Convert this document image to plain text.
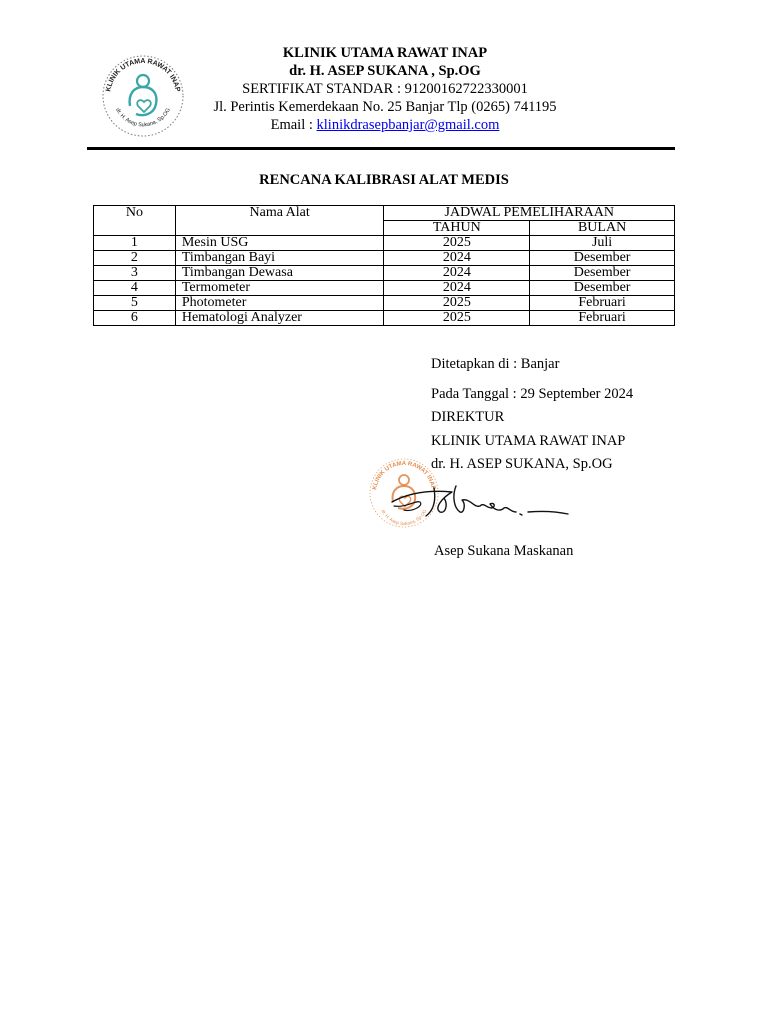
KLINIK UTAMA RAWAT INAP
dr. H. Asep Sukana, Sp.OG
KLINIK UTAMA RAWAT INAP
dr. H. ASEP SUKANA , Sp.OG
SERTIFIKAT STANDAR : 91200162722330001
Jl. Perintis Kemerdekaan No. 25 Banjar Tlp (0265) 741195
Email : klinikdrasepbanjar@gmail.com
RENCANA KALIBRASI ALAT MEDIS
No	Nama Alat	JADWAL PEMELIHARAAN	
		TAHUN	BULAN
1	Mesin USG	2025	Juli
2	Timbangan Bayi	2024	Desember
3	Timbangan Dewasa	2024	Desember
4	Termometer	2024	Desember
5	Photometer	2025	Februari
6	Hematologi Analyzer	2025	Februari
Ditetapkan di : Banjar
Pada Tanggal : 29 September 2024
DIREKTUR
KLINIK UTAMA RAWAT INAP
dr. H. ASEP SUKANA, Sp.OG
KLINIK UTAMA RAWAT INAP
dr. H. Asep Sukana, Sp.OG
Asep Sukana Maskanan
